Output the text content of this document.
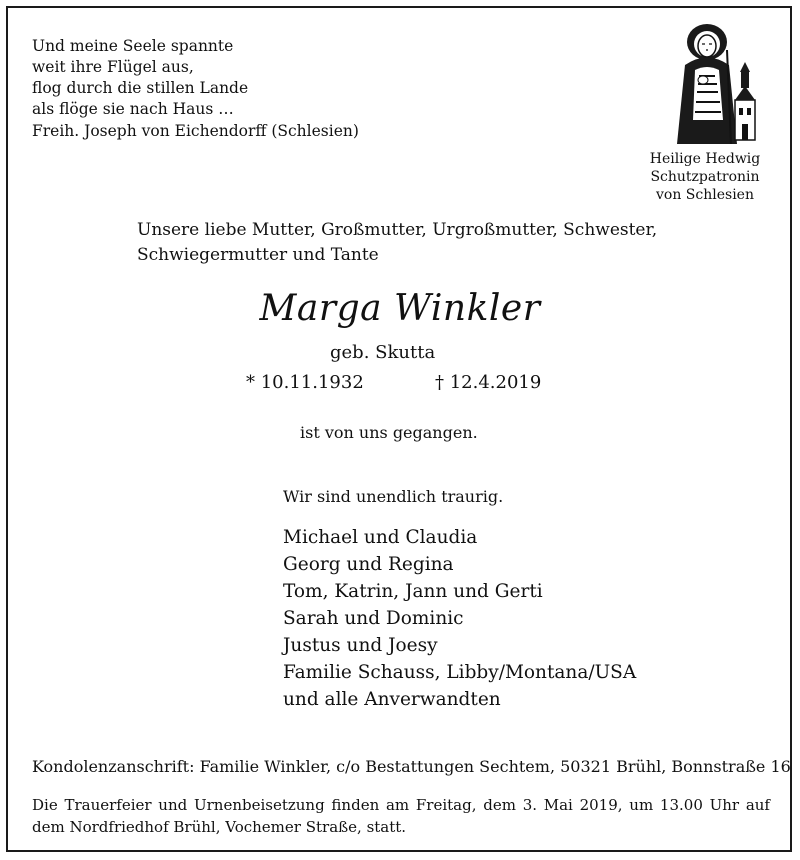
Und meine Seele spannte
weit ihre Flügel aus,
flog durch die stillen Lande
als flöge sie nach Haus …
Freih. Joseph von Eichendorff (Schlesien)
Heilige Hedwig
Schutzpatronin
von Schlesien
Unsere liebe Mutter, Großmutter, Urgroßmutter, Schwester,
Schwiegermutter und Tante
Marga Winkler
geb. Skutta
* 10.11.1932	† 12.4.2019
ist von uns gegangen.
Wir sind unendlich traurig.
Michael und Claudia
Georg und Regina
Tom, Katrin, Jann und Gerti
Sarah und Dominic
Justus und Joesy
Familie Schauss, Libby/Montana/USA
und alle Anverwandten
Kondolenzanschrift: Familie Winkler, c/o Bestattungen Sechtem, 50321 Brühl, Bonnstraße 16
Die Trauerfeier und Urnenbeisetzung finden am Freitag, dem 3. Mai 2019, um 13.00 Uhr auf dem Nordfriedhof Brühl, Vochemer Straße, statt.
